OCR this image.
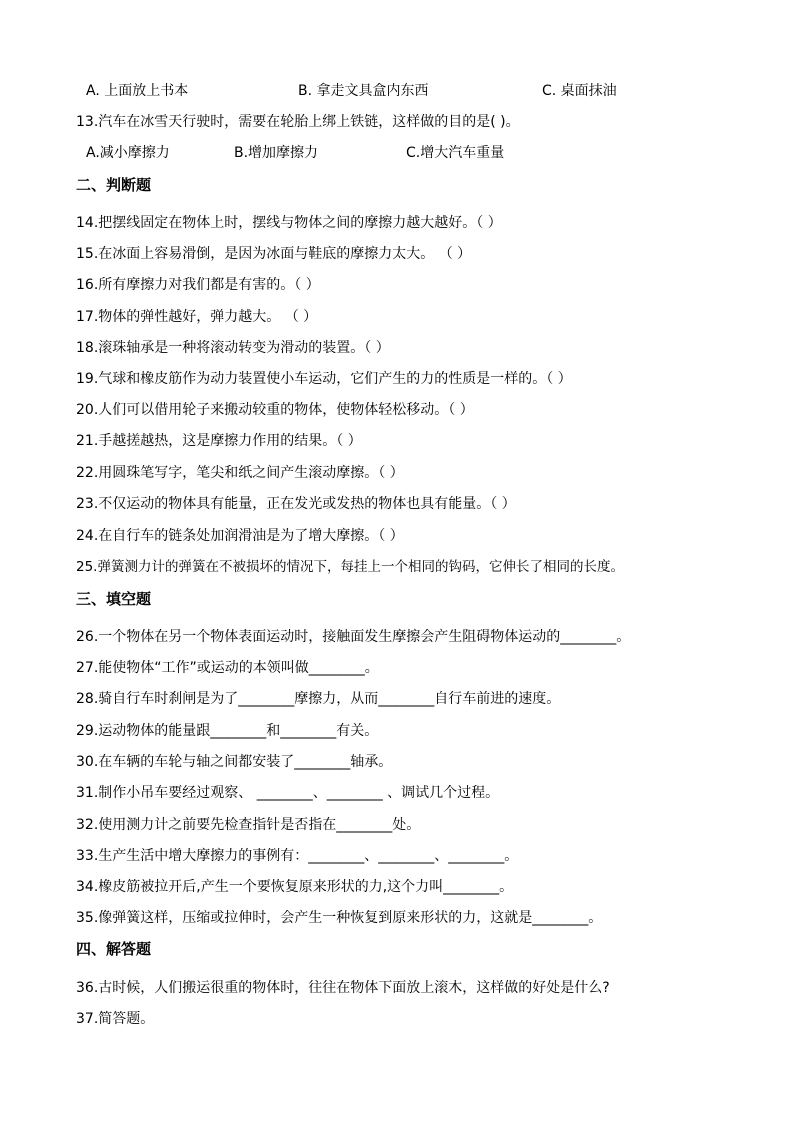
A. 上面放上书本	B. 拿走文具盒内东西	C. 桌面抹油
13.汽车在冰雪天行驶时，需要在轮胎上绑上铁链，这样做的目的是( )。
A.减小摩擦力	B.增加摩擦力	C.增大汽车重量
二、判断题
14.把摆线固定在物体上时，摆线与物体之间的摩擦力越大越好。（ ）
15.在冰面上容易滑倒，是因为冰面与鞋底的摩擦力太大。 （ ）
16.所有摩擦力对我们都是有害的。（ ）
17.物体的弹性越好，弹力越大。 （ ）
18.滚珠轴承是一种将滚动转变为滑动的装置。（ ）
19.气球和橡皮筋作为动力装置使小车运动，它们产生的力的性质是一样的。（ ）
20.人们可以借用轮子来搬动较重的物体，使物体轻松移动。（ ）
21.手越搓越热，这是摩擦力作用的结果。（ ）
22.用圆珠笔写字，笔尖和纸之间产生滚动摩擦。（ ）
23.不仅运动的物体具有能量，正在发光或发热的物体也具有能量。（ ）
24.在自行车的链条处加润滑油是为了增大摩擦。（ ）
25.弹簧测力计的弹簧在不被损坏的情况下，每挂上一个相同的钩码，它伸长了相同的长度。
三、填空题
26.一个物体在另一个物体表面运动时，接触面发生摩擦会产生阻碍物体运动的________。
27.能使物体“工作”或运动的本领叫做________。
28.骑自行车时刹闸是为了________摩擦力，从而________自行车前进的速度。
29.运动物体的能量跟________和________有关。
30.在车辆的车轮与轴之间都安装了________轴承。
31.制作小吊车要经过观察、 ________、________ 、调试几个过程。
32.使用测力计之前要先检查指针是否指在________处。
33.生产生活中增大摩擦力的事例有：________、________、________。
34.橡皮筋被拉开后,产生一个要恢复原来形状的力,这个力叫________。
35.像弹簧这样，压缩或拉伸时，会产生一种恢复到原来形状的力，这就是________。
四、解答题
36.古时候，人们搬运很重的物体时，往往在物体下面放上滚木，这样做的好处是什么?
37.简答题。
